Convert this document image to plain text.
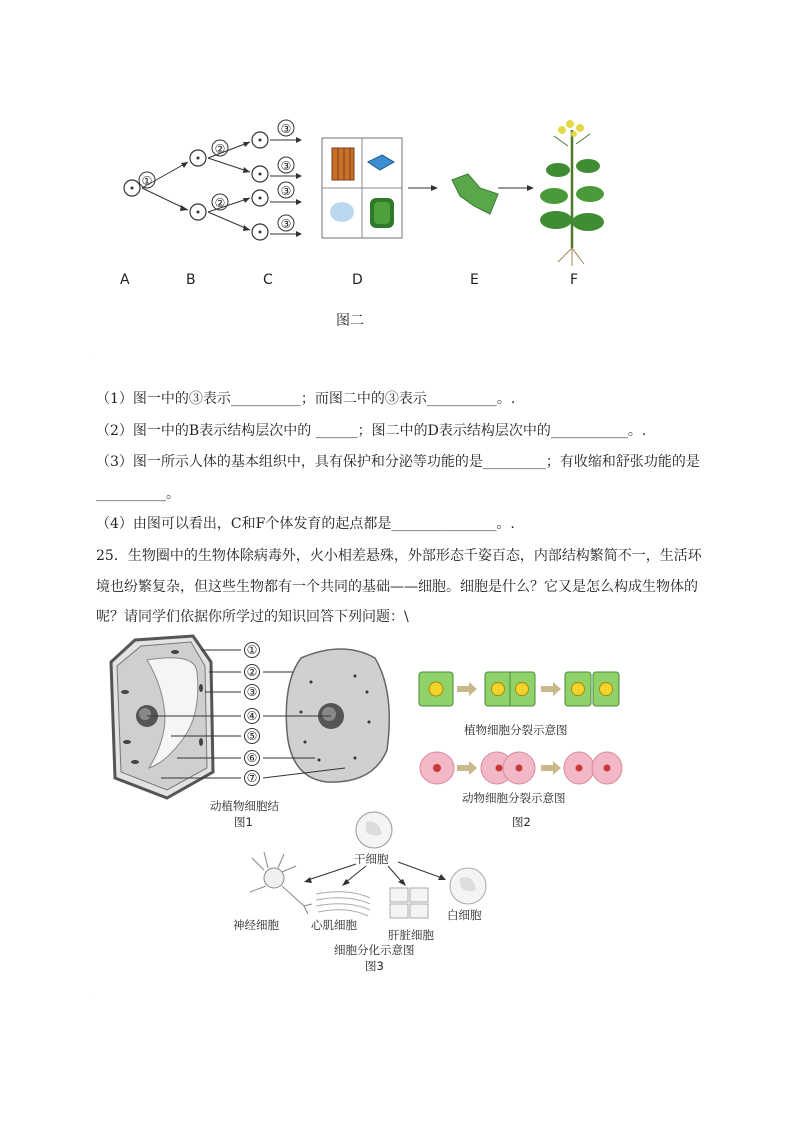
①
②
②
③
③
③
③
A	B	C	D	E	F
图二
·
（1）图一中的③表示__________；而图二中的③表示__________。.
（2）图一中的B表示结构层次中的 ______；图二中的D表示结构层次中的___________。.
（3）图一所示人体的基本组织中，具有保护和分泌等功能的是_________；有收缩和舒张功能的是
__________。
（4）由图可以看出，C和F个体发育的起点都是_______________。.
25．生物圈中的生物体除病毒外，火小相差悬殊，外部形态千姿百态，内部结构繁简不一，生活环
境也纷繁复杂，但这些生物都有一个共同的基础——细胞。细胞是什么？它又是怎么构成生物体的
呢？请同学们依据你所学过的知识回答下列问题：\
①
②
③
④
⑤
⑥
⑦
动植物细胞结
图1
植物细胞分裂示意图
动物细胞分裂示意图
图2
干细胞
神经细胞	心肌细胞
白细胞
肝脏细胞
细胞分化示意图
图3
·
